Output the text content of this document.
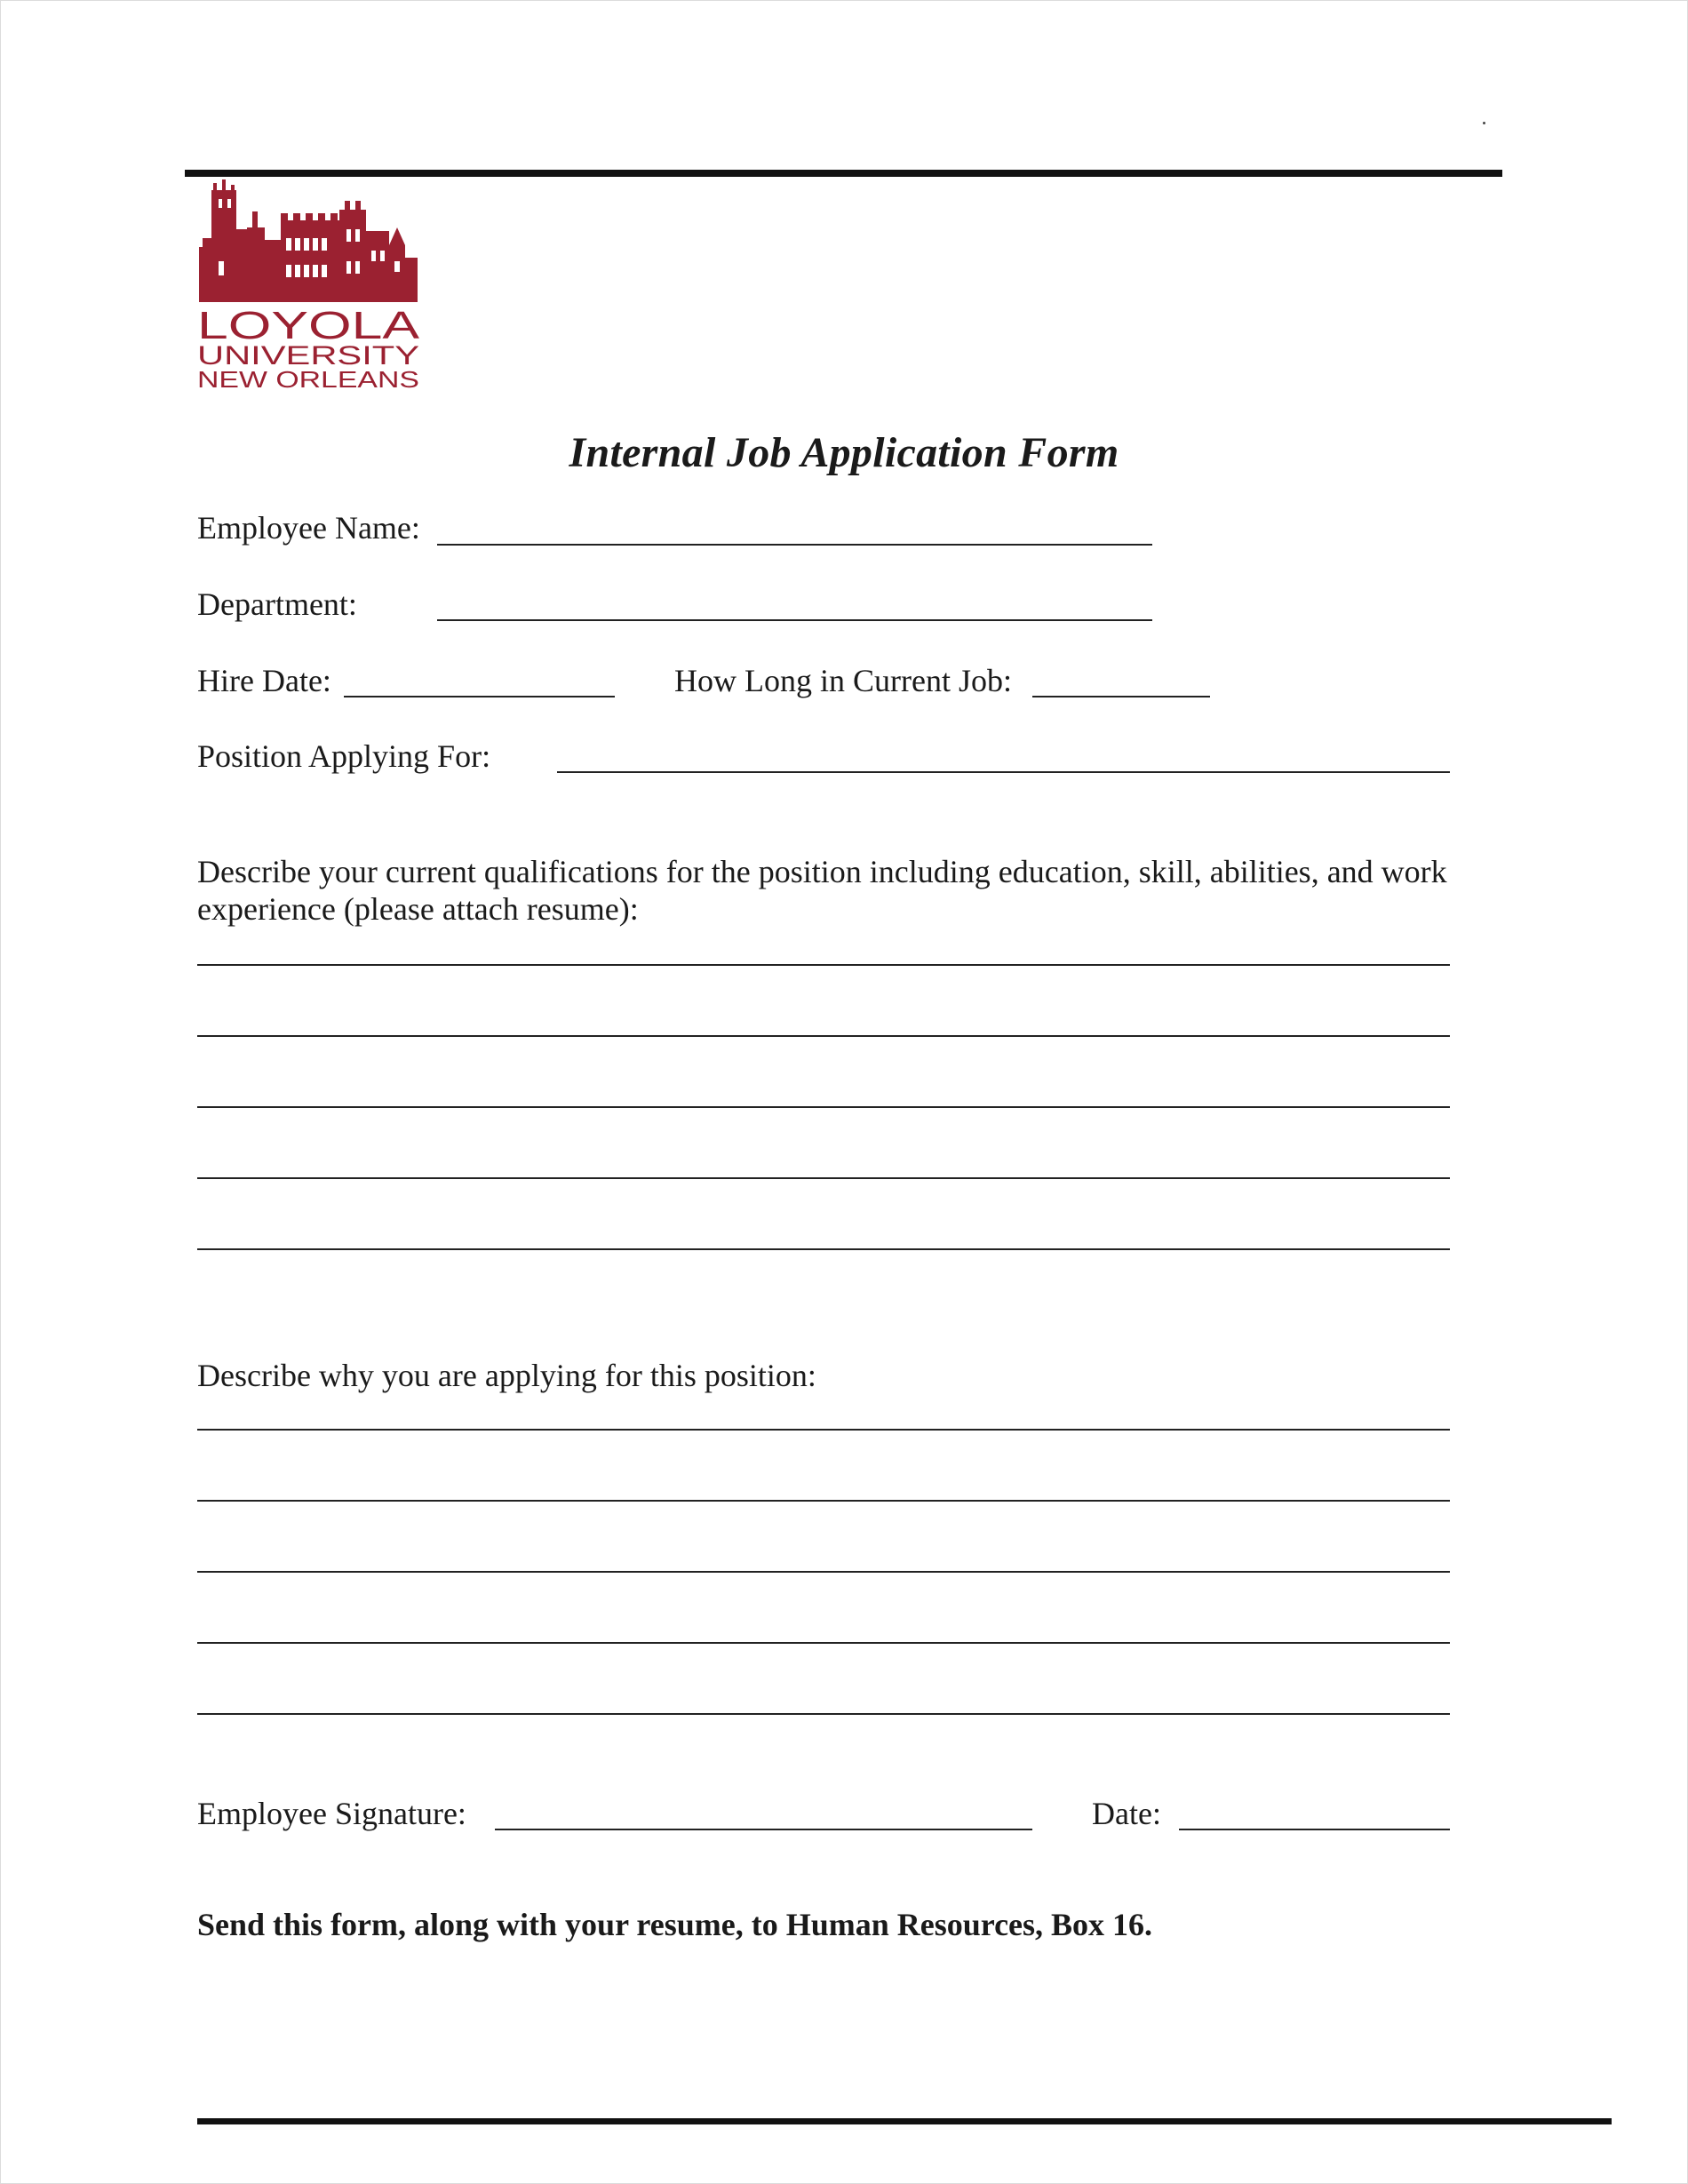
LOYOLA
UNIVERSITY
NEW ORLEANS
Internal Job Application Form
Employee Name:
Department:
Hire Date:	How Long in Current Job:
Position Applying For:
Describe your current qualifications for the position including education, skill, abilities, and work experience (please attach resume):
Describe why you are applying for this position:
Employee Signature:	Date:
Send this form, along with your resume, to Human Resources, Box 16.
